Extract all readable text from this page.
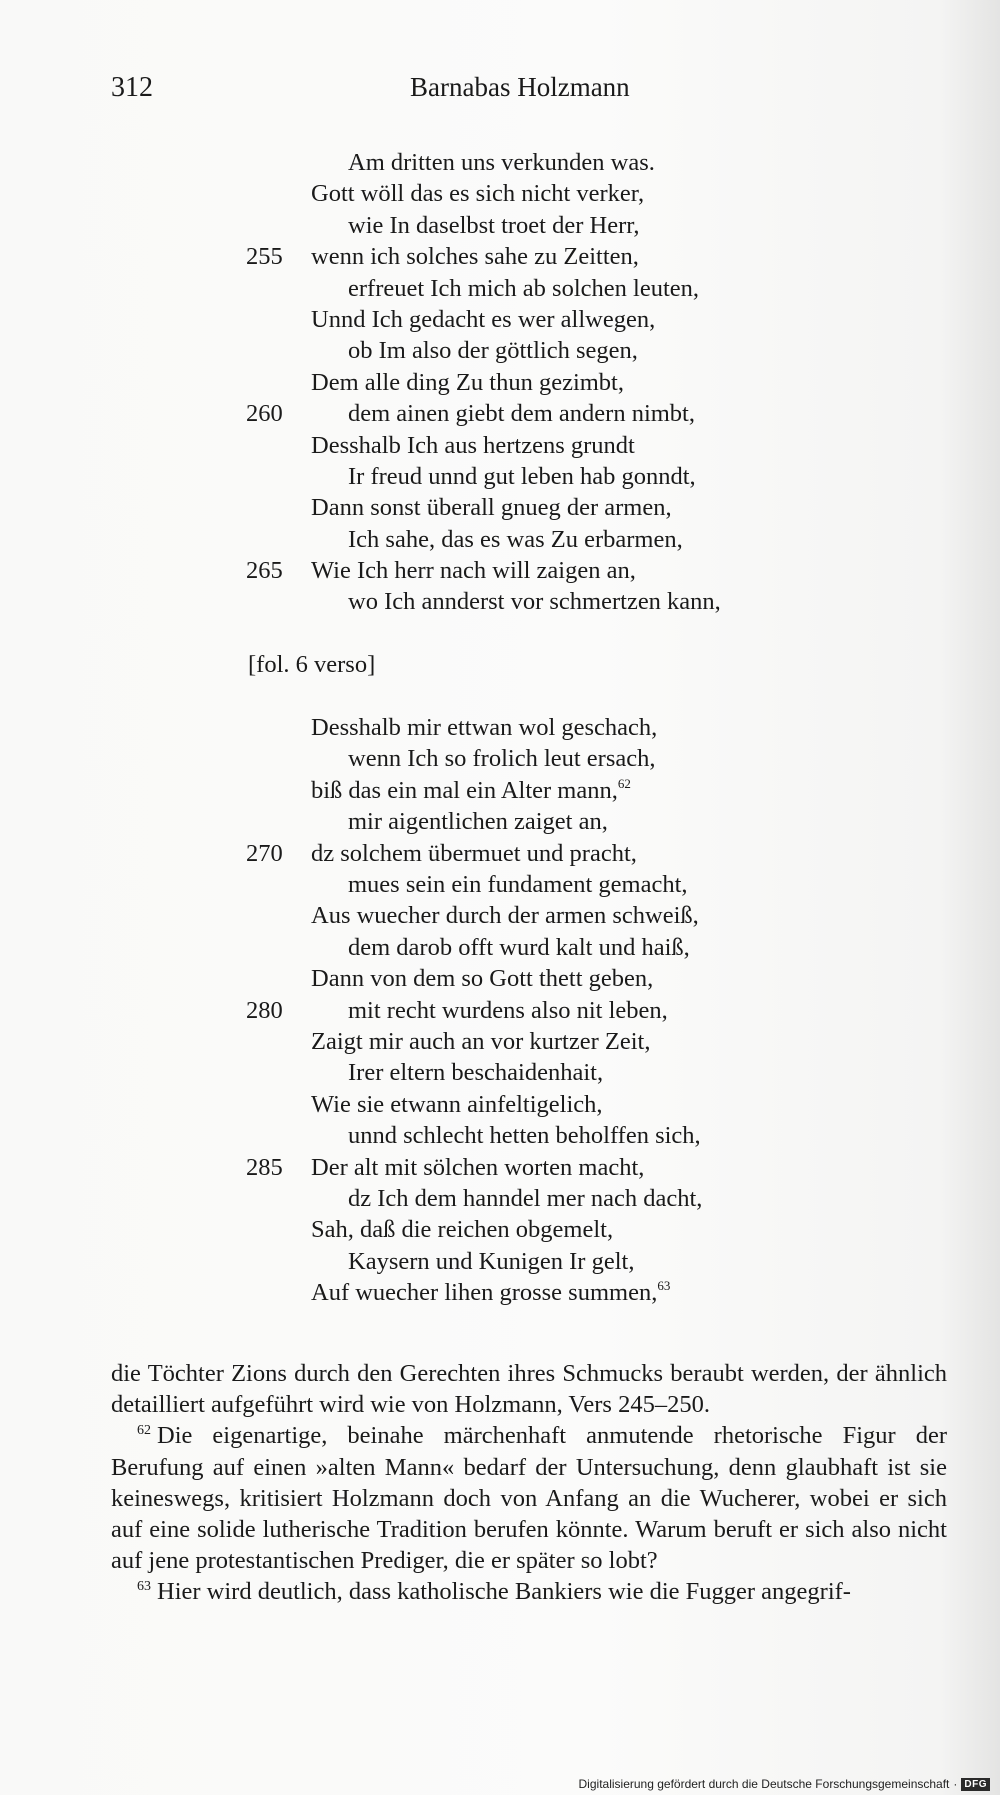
312	Barnabas Holzmann
Am dritten uns verkunden was.
Gott wöll das es sich nicht verker,
wie In daselbst troet der Herr,
255	wenn ich solches sahe zu Zeitten,
erfreuet Ich mich ab solchen leuten,
Unnd Ich gedacht es wer allwegen,
ob Im also der göttlich segen,
Dem alle ding Zu thun gezimbt,
260	dem ainen giebt dem andern nimbt,
Desshalb Ich aus hertzens grundt
Ir freud unnd gut leben hab gonndt,
Dann sonst überall gnueg der armen,
Ich sahe, das es was Zu erbarmen,
265	Wie Ich herr nach will zaigen an,
wo Ich annderst vor schmertzen kann,
[fol. 6 verso]
Desshalb mir ettwan wol geschach,
wenn Ich so frolich leut ersach,
biß das ein mal ein Alter mann,$^{62}$
mir aigentlichen zaiget an,
270	dz solchem übermuet und pracht,
mues sein ein fundament gemacht,
Aus wuecher durch der armen schweiß,
dem darob offt wurd kalt und haiß,
Dann von dem so Gott thett geben,
280	mit recht wurdens also nit leben,
Zaigt mir auch an vor kurtzer Zeit,
Irer eltern beschaidenhait,
Wie sie etwann ainfeltigelich,
unnd schlecht hetten beholffen sich,
285	Der alt mit sölchen worten macht,
dz Ich dem hanndel mer nach dacht,
Sah, daß die reichen obgemelt,
Kaysern und Kunigen Ir gelt,
Auf wuecher lihen grosse summen,$^{63}$

die Töchter Zions durch den Gerechten ihres Schmucks beraubt werden, der ähnlich detailliert aufgeführt wird wie von Holzmann, Vers 245–250.

$^{62}$ Die eigenartige, beinahe märchenhaft anmutende rhetorische Figur der Berufung auf einen »alten Mann« bedarf der Untersuchung, denn glaubhaft ist sie keineswegs, kritisiert Holzmann doch von Anfang an die Wucherer, wobei er sich auf eine solide lutherische Tradition berufen könnte. Warum beruft er sich also nicht auf jene protestantischen Prediger, die er später so lobt?

$^{63}$ Hier wird deutlich, dass katholische Bankiers wie die Fugger angegrif-

Digitalisierung gefördert durch die Deutsche Forschungsgemeinschaft · DFG
